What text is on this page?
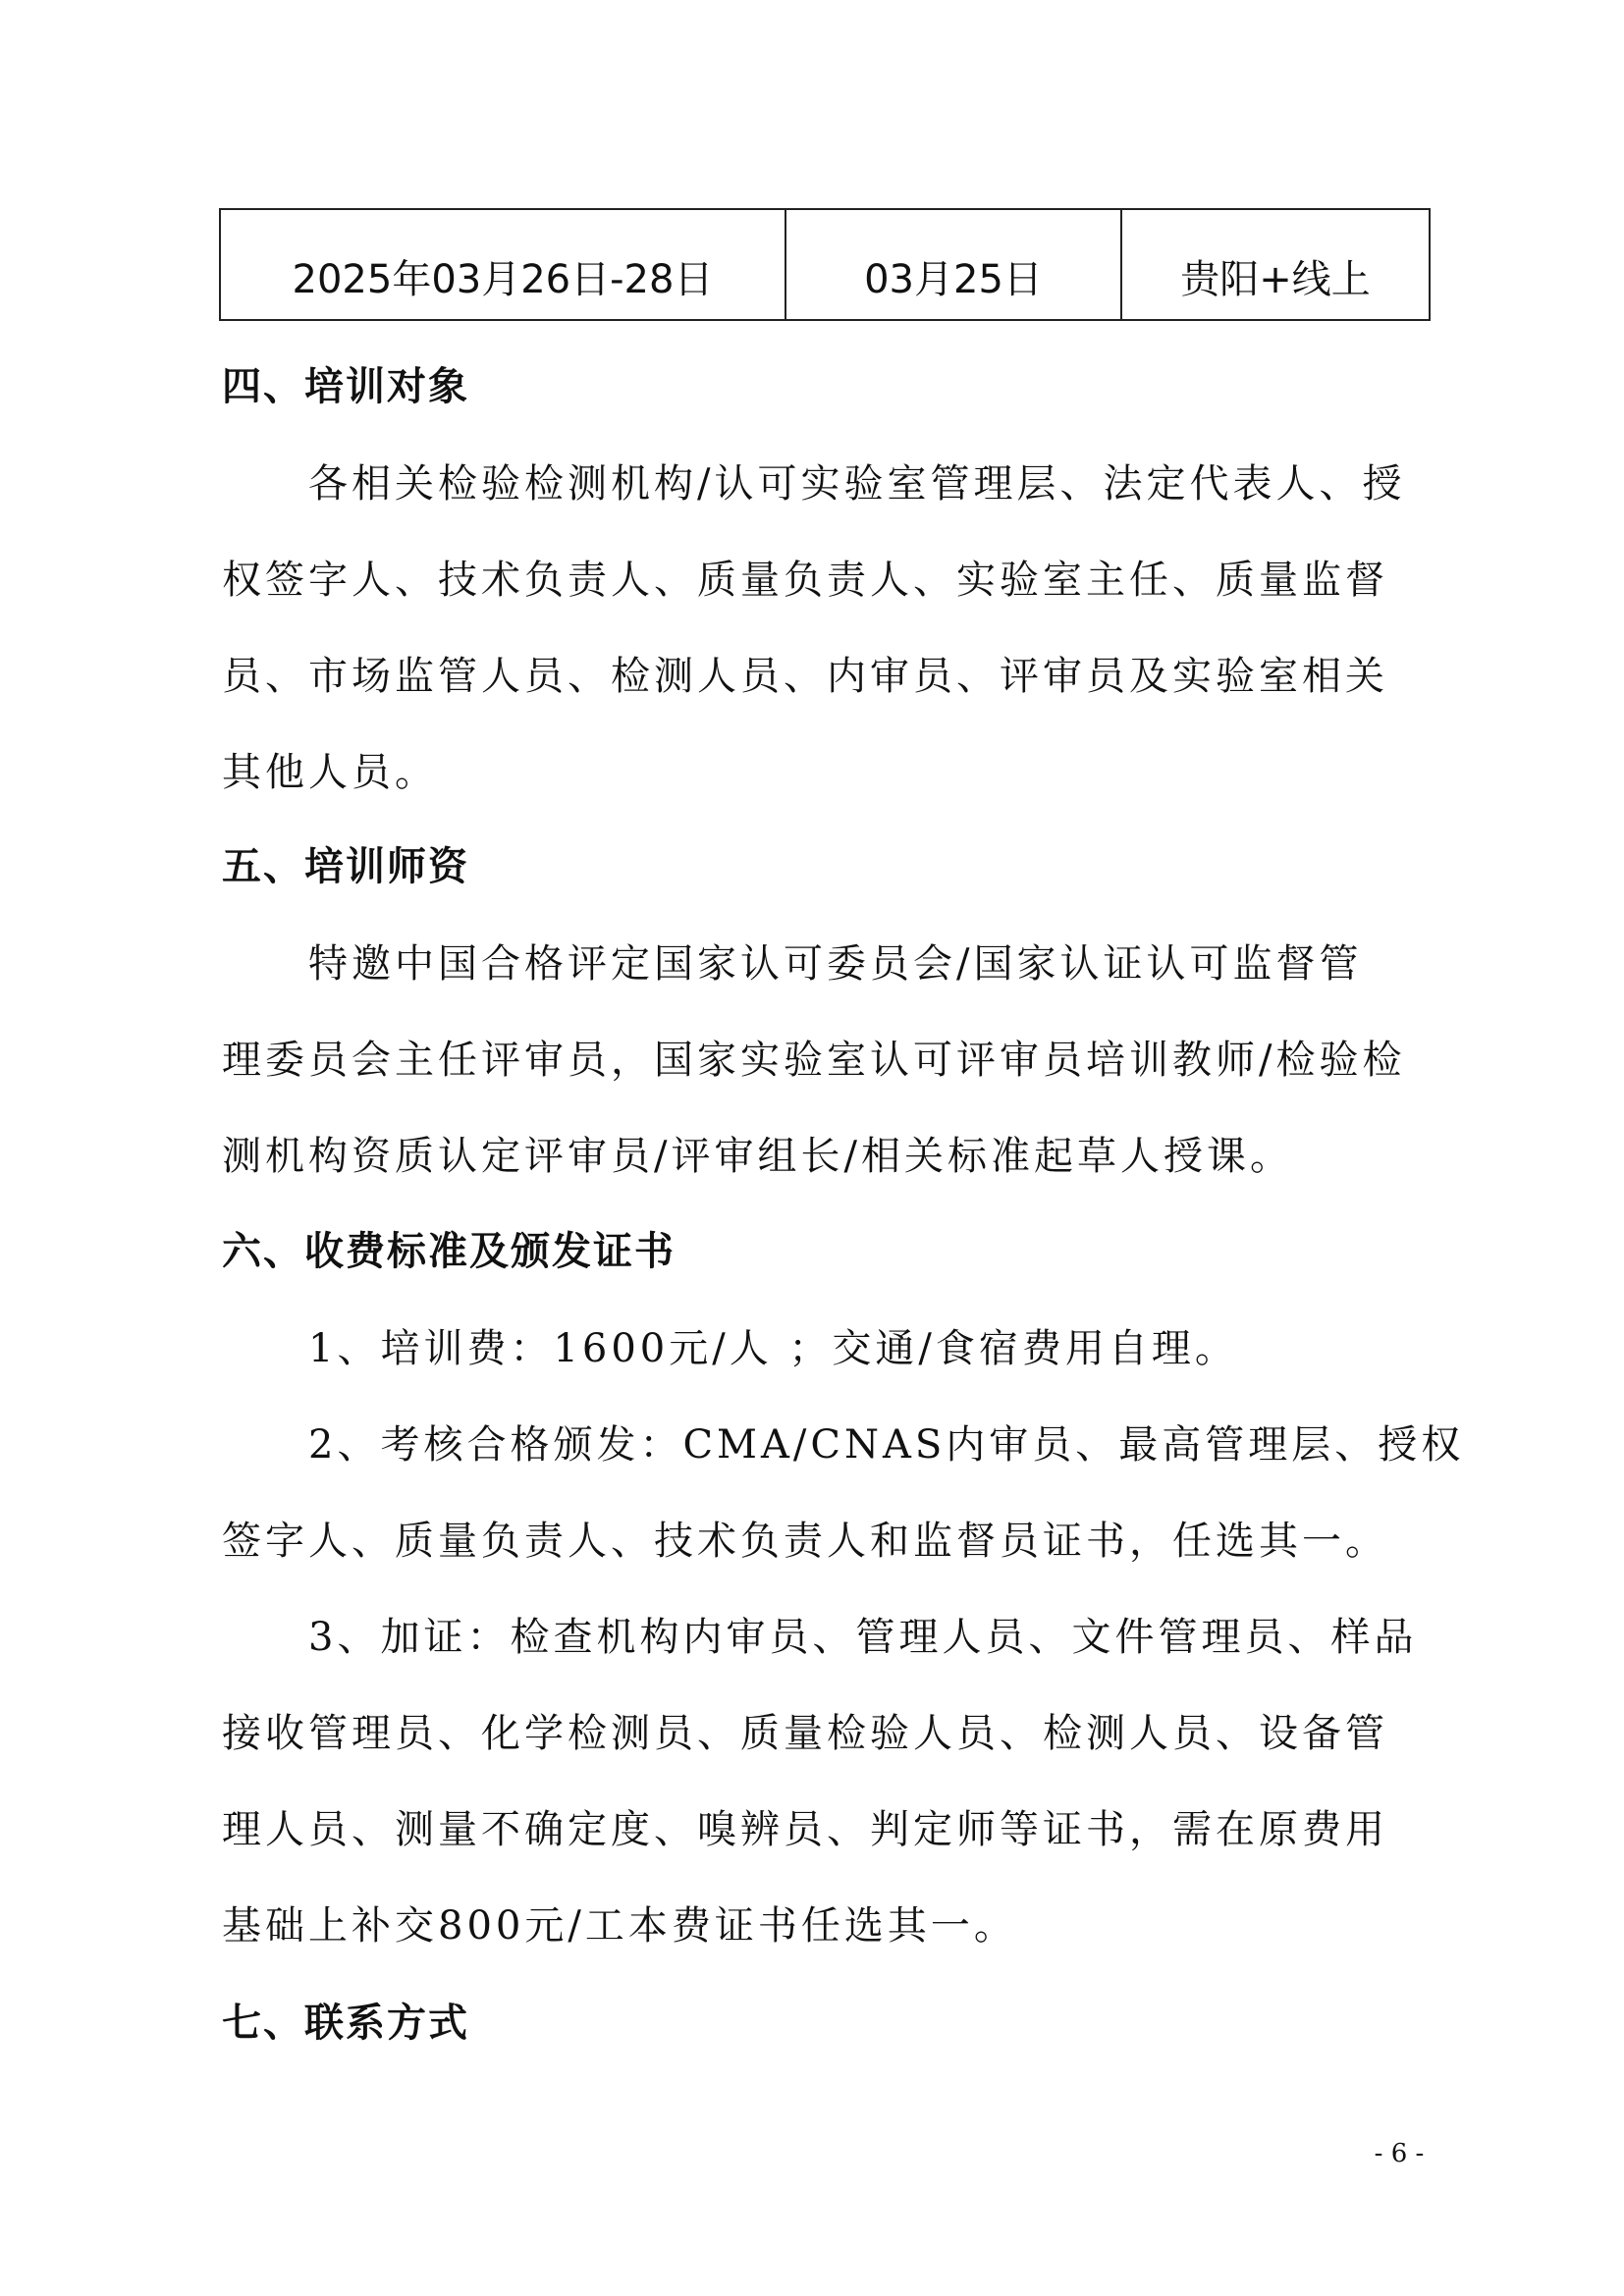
2025年03月26日-28日	03月25日	贵阳+线上
四、培训对象
各相关检验检测机构/认可实验室管理层、法定代表人、授
权签字人、技术负责人、质量负责人、实验室主任、质量监督
员、市场监管人员、检测人员、内审员、评审员及实验室相关
其他人员。
五、培训师资
特邀中国合格评定国家认可委员会/国家认证认可监督管
理委员会主任评审员，国家实验室认可评审员培训教师/检验检
测机构资质认定评审员/评审组长/相关标准起草人授课。
六、收费标准及颁发证书
1、培训费：1600元/人 ；交通/食宿费用自理。
2、考核合格颁发：CMA/CNAS内审员、最高管理层、授权
签字人、质量负责人、技术负责人和监督员证书，任选其一。
3、加证：检查机构内审员、管理人员、文件管理员、样品
接收管理员、化学检测员、质量检验人员、检测人员、设备管
理人员、测量不确定度、嗅辨员、判定师等证书，需在原费用
基础上补交800元/工本费证书任选其一。
七、联系方式
- 6 -
